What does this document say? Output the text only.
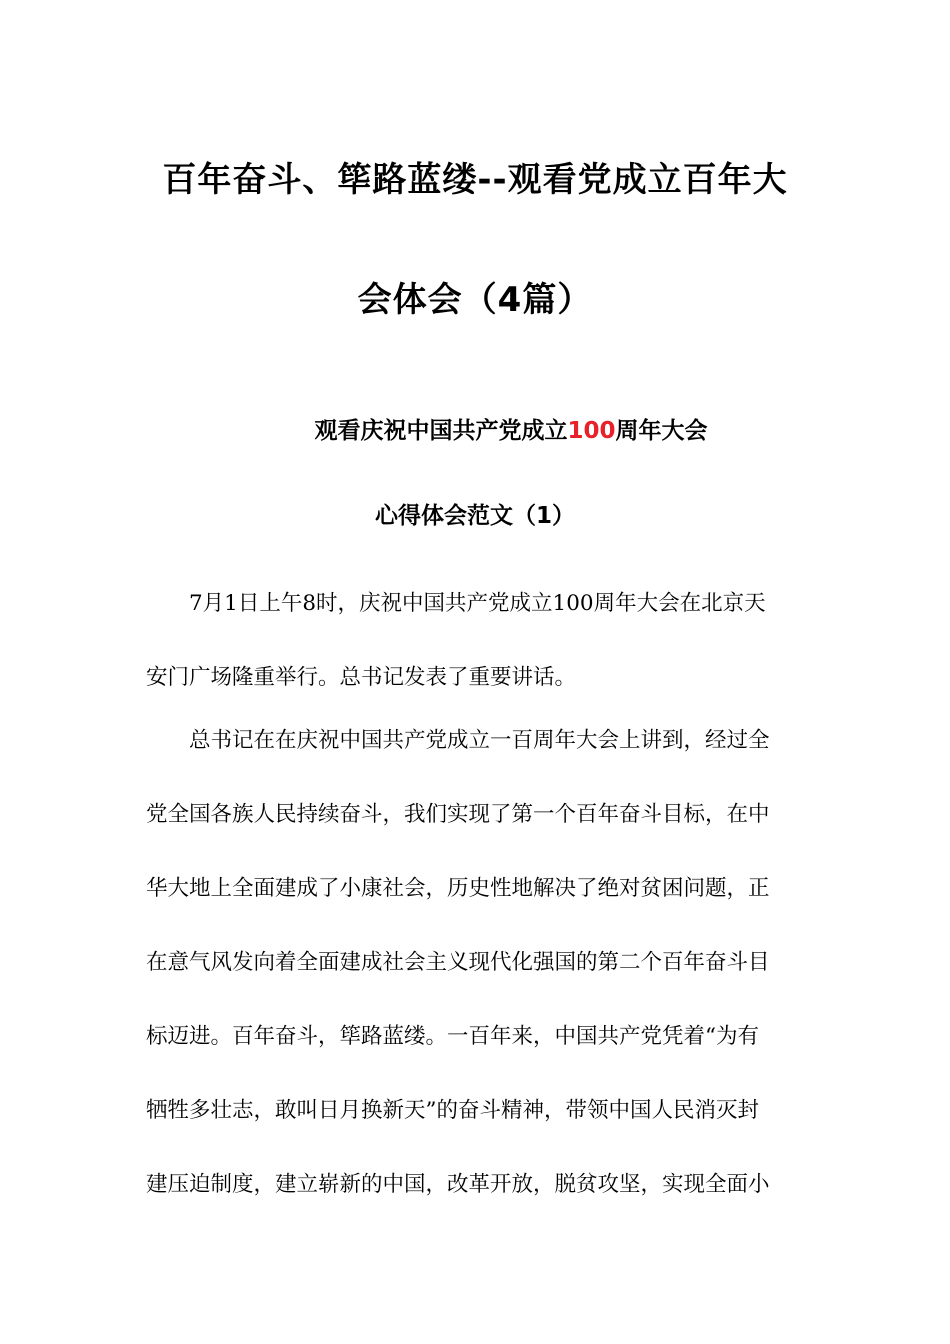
百年奋斗、筚路蓝缕--观看党成立百年大
会体会（4篇）
观看庆祝中国共产党成立100周年大会
心得体会范文（1）
7月1日上午8时，庆祝中国共产党成立100周年大会在北京天
安门广场隆重举行。总书记发表了重要讲话。
总书记在在庆祝中国共产党成立一百周年大会上讲到，经过全
党全国各族人民持续奋斗，我们实现了第一个百年奋斗目标，在中
华大地上全面建成了小康社会，历史性地解决了绝对贫困问题，正
在意气风发向着全面建成社会主义现代化强国的第二个百年奋斗目
标迈进。百年奋斗，筚路蓝缕。一百年来，中国共产党凭着“为有
牺牲多壮志，敢叫日月换新天”的奋斗精神，带领中国人民消灭封
建压迫制度，建立崭新的中国，改革开放，脱贫攻坚，实现全面小
